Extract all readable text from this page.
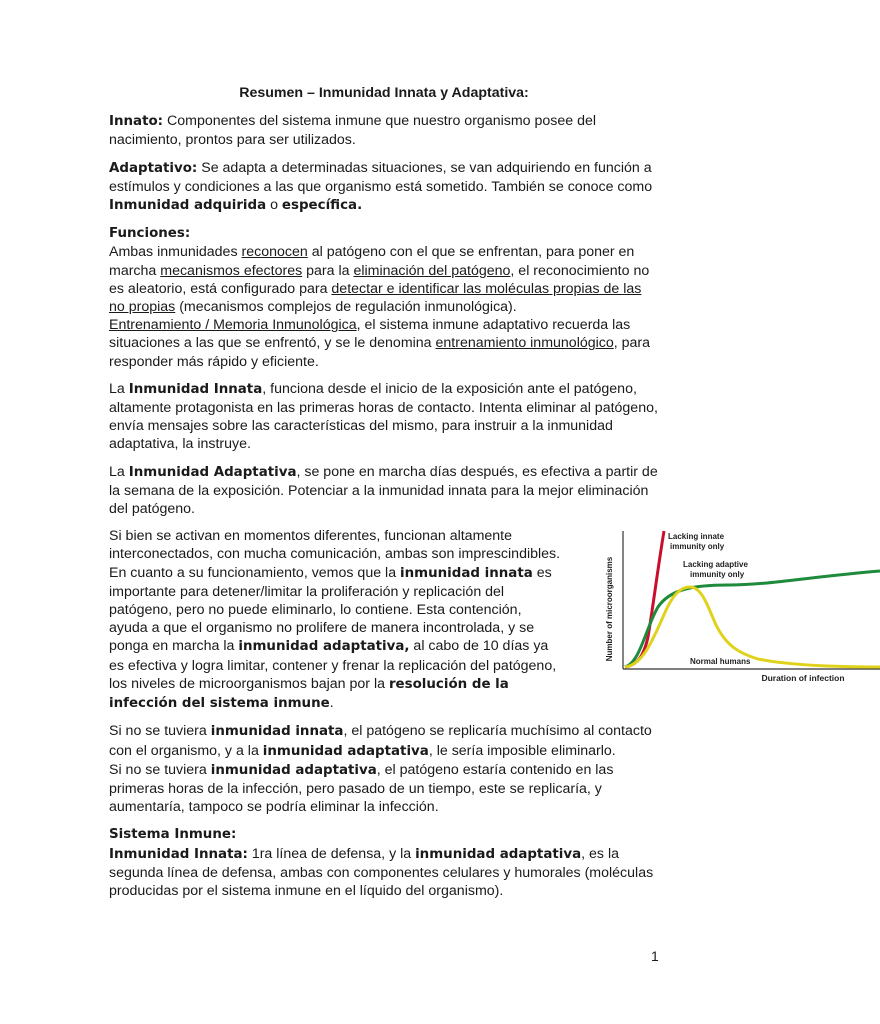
Resumen – Inmunidad Innata y Adaptativa:

Innato: Componentes del sistema inmune que nuestro organismo posee del nacimiento, prontos para ser utilizados.

Adaptativo: Se adapta a determinadas situaciones, se van adquiriendo en función a estímulos y condiciones a las que organismo está sometido. También se conoce como Inmunidad adquirida o específica.

Funciones:
Ambas inmunidades reconocen al patógeno con el que se enfrentan, para poner en marcha mecanismos efectores para la eliminación del patógeno, el reconocimiento no es aleatorio, está configurado para detectar e identificar las moléculas propias de las no propias (mecanismos complejos de regulación inmunológica).
Entrenamiento / Memoria Inmunológica, el sistema inmune adaptativo recuerda las situaciones a las que se enfrentó, y se le denomina entrenamiento inmunológico, para responder más rápido y eficiente.

La Inmunidad Innata, funciona desde el inicio de la exposición ante el patógeno, altamente protagonista en las primeras horas de contacto. Intenta eliminar al patógeno, envía mensajes sobre las características del mismo, para instruir a la inmunidad adaptativa, la instruye.

La Inmunidad Adaptativa, se pone en marcha días después, es efectiva a partir de la semana de la exposición. Potenciar a la inmunidad innata para la mejor eliminación del patógeno.

Si bien se activan en momentos diferentes, funcionan altamente interconectados, con mucha comunicación, ambas son imprescindibles. En cuanto a su funcionamiento, vemos que la inmunidad innata es importante para detener/limitar la proliferación y replicación del patógeno, pero no puede eliminarlo, lo contiene. Esta contención, ayuda a que el organismo no prolifere de manera incontrolada, y se ponga en marcha la inmunidad adaptativa, al cabo de 10 días ya es efectiva y logra limitar, contener y frenar la replicación del patógeno, los niveles de microorganismos bajan por la resolución de la infección del sistema inmune.

Number of microorganisms
Duration of infection
Lacking innate
immunity only
Lacking adaptive
immunity only
Normal humans

Si no se tuviera inmunidad innata, el patógeno se replicaría muchísimo al contacto con el organismo, y a la inmunidad adaptativa, le sería imposible eliminarlo.
Si no se tuviera inmunidad adaptativa, el patógeno estaría contenido en las primeras horas de la infección, pero pasado de un tiempo, este se replicaría, y aumentaría, tampoco se podría eliminar la infección.

Sistema Inmune:
Inmunidad Innata: 1ra línea de defensa, y la inmunidad adaptativa, es la segunda línea de defensa, ambas con componentes celulares y humorales (moléculas producidas por el sistema inmune en el líquido del organismo).

1
